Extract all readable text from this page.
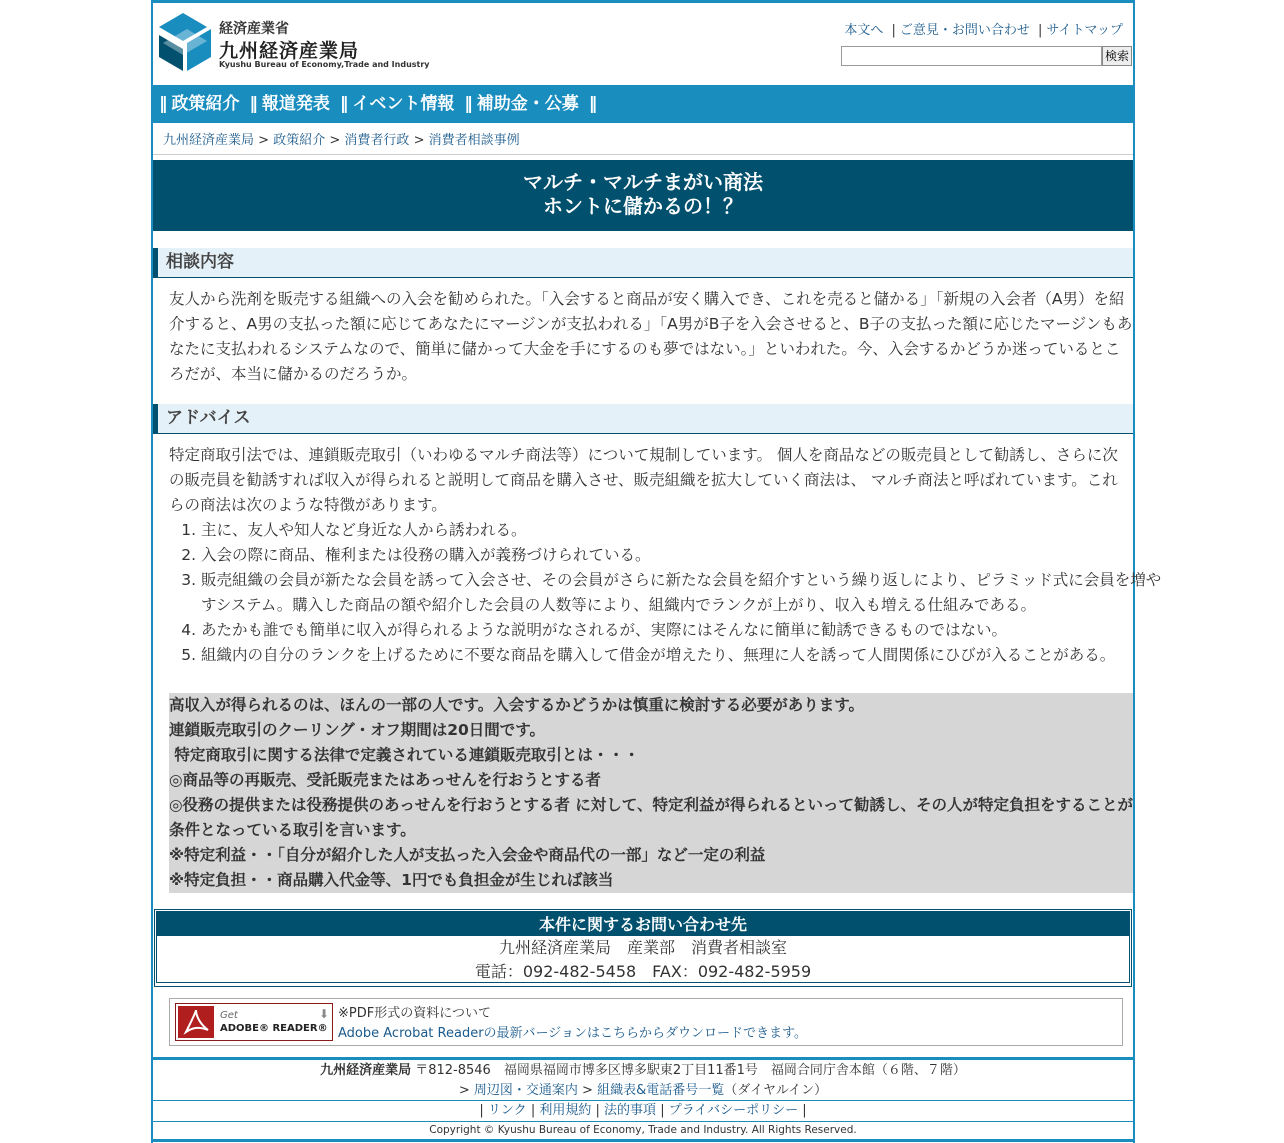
経済産業省
九州経済産業局
Kyushu Bureau of Economy,Trade and Industry
本文へ | ご意見・お問い合わせ | サイトマップ
検索
‖ 政策紹介 ‖ 報道発表 ‖ イベント情報 ‖ 補助金・公募 ‖
九州経済産業局 > 政策紹介 > 消費者行政 > 消費者相談事例
マルチ・マルチまがい商法
ホントに儲かるの！？
相談内容
友人から洗剤を販売する組織への入会を勧められた。「入会すると商品が安く購入でき、これを売ると儲かる」「新規の入会者（A男）を紹介すると、A男の支払った額に応じてあなたにマージンが支払われる」「A男がB子を入会させると、B子の支払った額に応じたマージンもあなたに支払われるシステムなので、簡単に儲かって大金を手にするのも夢ではない。」といわれた。今、入会するかどうか迷っているところだが、本当に儲かるのだろうか。
アドバイス
特定商取引法では、連鎖販売取引（いわゆるマルチ商法等）について規制しています。 個人を商品などの販売員として勧誘し、さらに次の販売員を勧誘すれば収入が得られると説明して商品を購入させ、販売組織を拡大していく商法は、 マルチ商法と呼ばれています。これらの商法は次のような特徴があります。
1. 主に、友人や知人など身近な人から誘われる。
2. 入会の際に商品、権利または役務の購入が義務づけられている。
3. 販売組織の会員が新たな会員を誘って入会させ、その会員がさらに新たな会員を紹介すという繰り返しにより、ピラミッド式に会員を増やすシステム。購入した商品の額や紹介した会員の人数等により、組織内でランクが上がり、収入も増える仕組みである。
4. あたかも誰でも簡単に収入が得られるような説明がなされるが、実際にはそんなに簡単に勧誘できるものではない。
5. 組織内の自分のランクを上げるために不要な商品を購入して借金が増えたり、無理に人を誘って人間関係にひびが入ることがある。
高収入が得られるのは、ほんの一部の人です。入会するかどうかは慎重に検討する必要があります。
連鎖販売取引のクーリング・オフ期間は20日間です。
特定商取引に関する法律で定義されている連鎖販売取引とは・・・
◎商品等の再販売、受託販売またはあっせんを行おうとする者
◎役務の提供または役務提供のあっせんを行おうとする者 に対して、特定利益が得られるといって勧誘し、その人が特定負担をすることが条件となっている取引を言います。
※特定利益・・「自分が紹介した人が支払った入会金や商品代の一部」など一定の利益
※特定負担・・商品購入代金等、1円でも負担金が生じれば該当
本件に関するお問い合わせ先
九州経済産業局　産業部　消費者相談室
電話：092-482-5458　FAX：092-482-5959
Get
ADOBE® READER®
⬇ ※PDF形式の資料について
Adobe Acrobat Readerの最新バージョンはこちらからダウンロードできます。
九州経済産業局 〒812-8546　福岡県福岡市博多区博多駅東2丁目11番1号　福岡合同庁舎本館（６階、７階）
> 周辺図・交通案内 > 組織表&電話番号一覧（ダイヤルイン）
| リンク | 利用規約 | 法的事項 | プライバシーポリシー |
Copyright © Kyushu Bureau of Economy, Trade and Industry. All Rights Reserved.
